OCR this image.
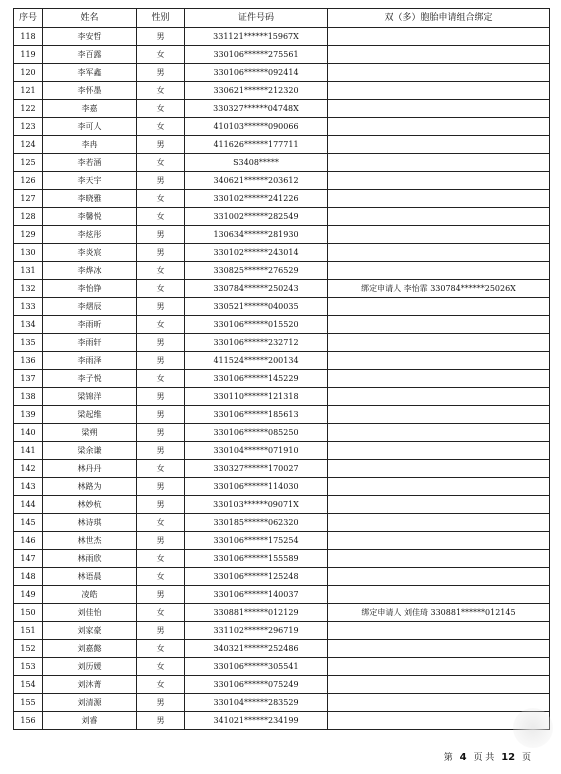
序号	姓名	性别	证件号码	双（多）胞胎申请组合绑定
118	李安哲	男	331121******15967X	
119	李百露	女	330106******275561	
120	李军鑫	男	330106******092414	
121	李怀墨	女	330621******212320	
122	李嘉	女	330327******04748X	
123	李可人	女	410103******090066	
124	李冉	男	411626******177711	
125	李若涵	女	S3408*****	
126	李天宇	男	340621******203612	
127	李晓雅	女	330102******241226	
128	李馨悦	女	331002******282549	
129	李炫彤	男	130634******281930	
130	李炎宸	男	330102******243014	
131	李烨冰	女	330825******276529	
132	李怡铮	女	330784******250243	绑定申请人 李怡霏 330784******25026X
133	李熠辰	男	330521******040035	
134	李雨昕	女	330106******015520	
135	李雨轩	男	330106******232712	
136	李雨泽	男	411524******200134	
137	李子悦	女	330106******145229	
138	梁锦洋	男	330110******121318	
139	梁起维	男	330106******185613	
140	梁朔	男	330106******085250	
141	梁余谦	男	330104******071910	
142	林丹丹	女	330327******170027	
143	林路为	男	330106******114030	
144	林妙杭	男	330103******09071X	
145	林诗琪	女	330185******062320	
146	林世杰	男	330106******175254	
147	林雨欣	女	330106******155589	
148	林语晨	女	330106******125248	
149	凌皓	男	330106******140037	
150	刘佳怡	女	330881******012129	绑定申请人 刘佳琦 330881******012145
151	刘家豪	男	331102******296719	
152	刘嘉懿	女	340321******252486	
153	刘历媛	女	330106******305541	
154	刘沐菁	女	330106******075249	
155	刘清源	男	330104******283529	
156	刘睿	男	341021******234199	
第 4 页 共 12 页
